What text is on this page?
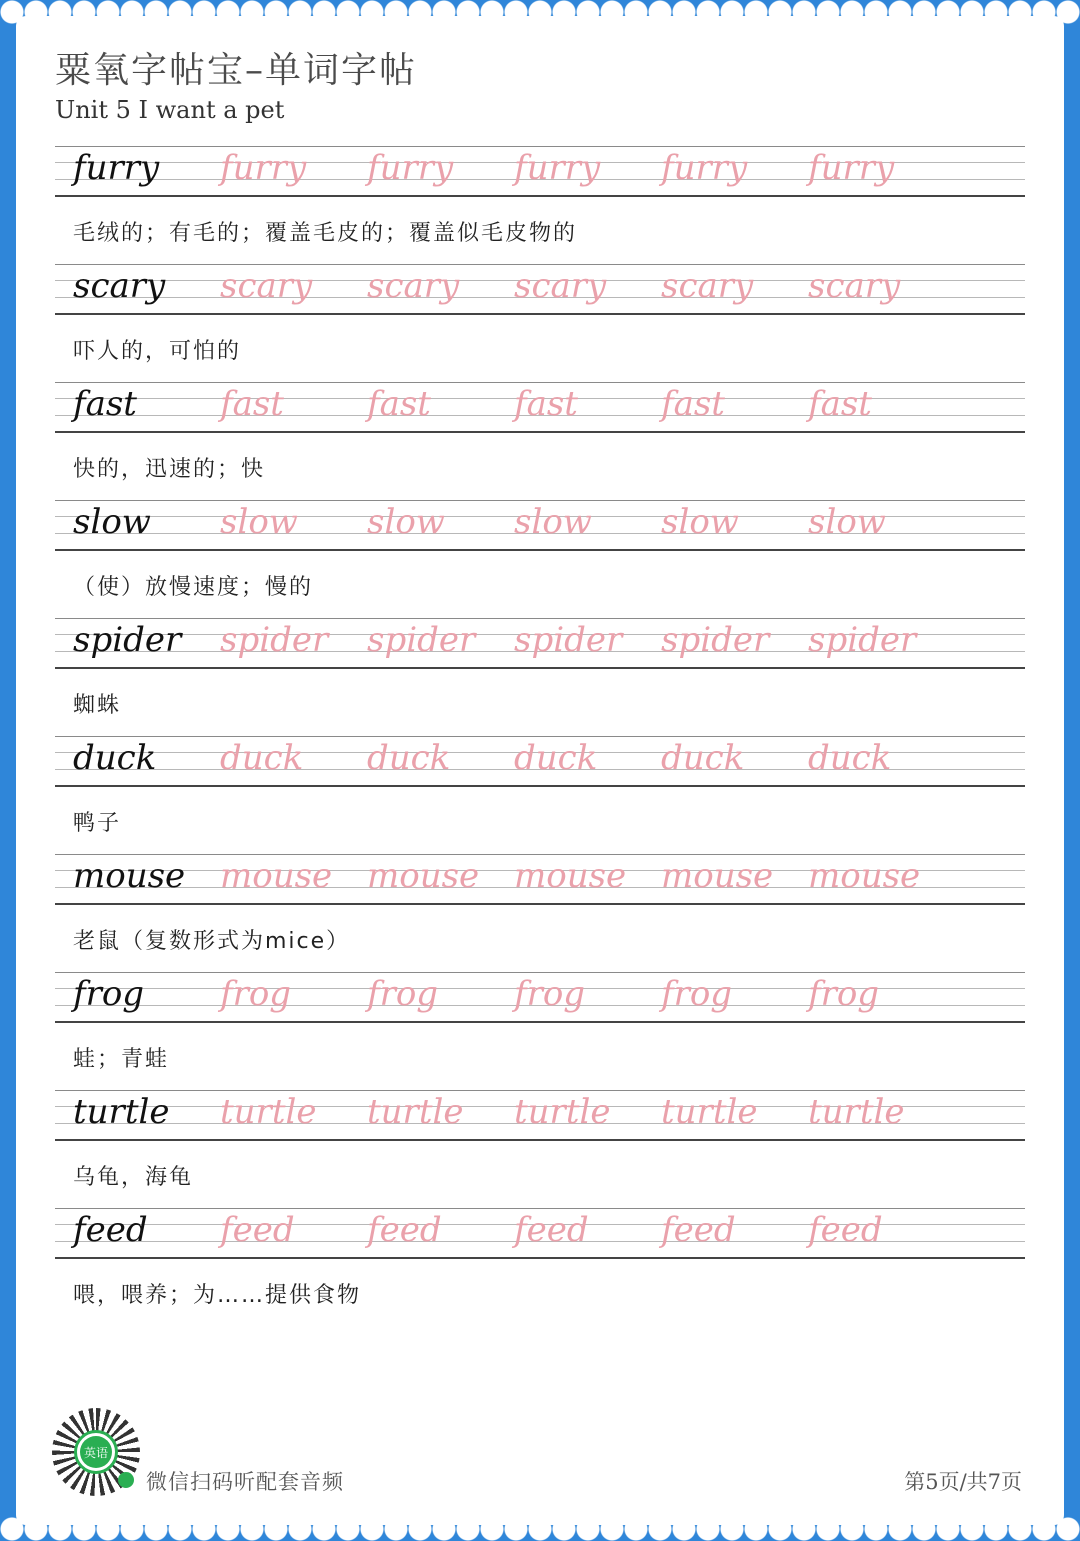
粟氧字帖宝–单词字帖
Unit 5 I want a pet
furry furry furry furry furry furry
毛绒的；有毛的；覆盖毛皮的；覆盖似毛皮物的
scary scary scary scary scary scary
吓人的，可怕的
fast fast fast fast fast fast
快的，迅速的；快
slow slow slow slow slow slow
（使）放慢速度；慢的
spider spider spider spider spider spider
蜘蛛
duck duck duck duck duck duck
鸭子
mouse mouse mouse mouse mouse mouse
老鼠（复数形式为mice）
frog frog frog frog frog frog
蛙；青蛙
turtle turtle turtle turtle turtle turtle
乌龟，海龟
feed feed feed feed feed feed
喂，喂养；为……提供食物
英语
微信扫码听配套音频	第5页/共7页
